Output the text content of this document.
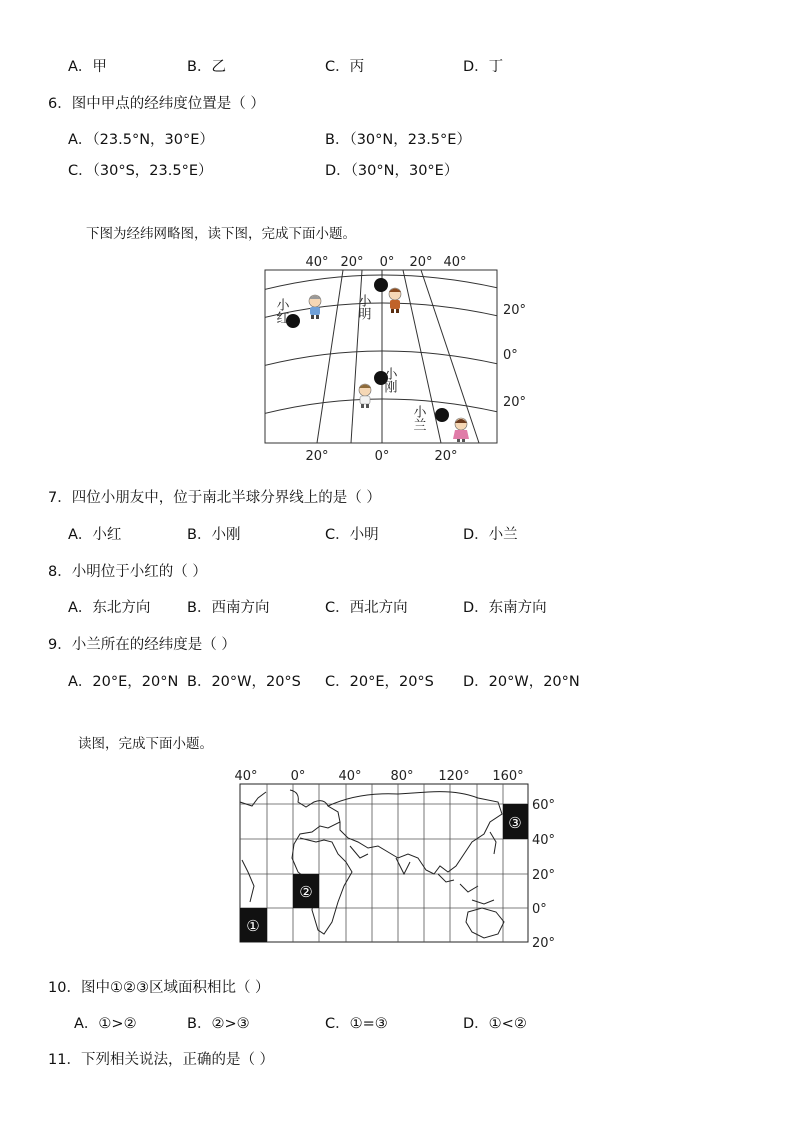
A．甲	B．乙	C．丙	D．丁
6．图中甲点的经纬度位置是（ ）
A．（23.5°N，30°E）	B．（30°N，23.5°E）
C．（30°S，23.5°E）	D．（30°N，30°E）
下图为经纬网略图，读下图，完成下面小题。
40° 20° 0° 20° 40°
20°
0°
20°
20°	0°	20°
小红	小明
小刚
小兰
7．四位小朋友中，位于南北半球分界线上的是（ ）
A．小红	B．小刚	C．小明	D．小兰
8．小明位于小红的（ ）
A．东北方向	B．西南方向	C．西北方向	D．东南方向
9．小兰所在的经纬度是（ ）
A．20°E，20°N B．20°W，20°S C．20°E，20°S D．20°W，20°N
读图，完成下面小题。
40°	0°	40° 80° 120° 160°
③
②
①
60°
40°
20°
0°
20°
10．图中①②③区域面积相比（ ）
A．①>②	B．②>③	C．①=③	D．①<②
11．下列相关说法，正确的是（ ）
